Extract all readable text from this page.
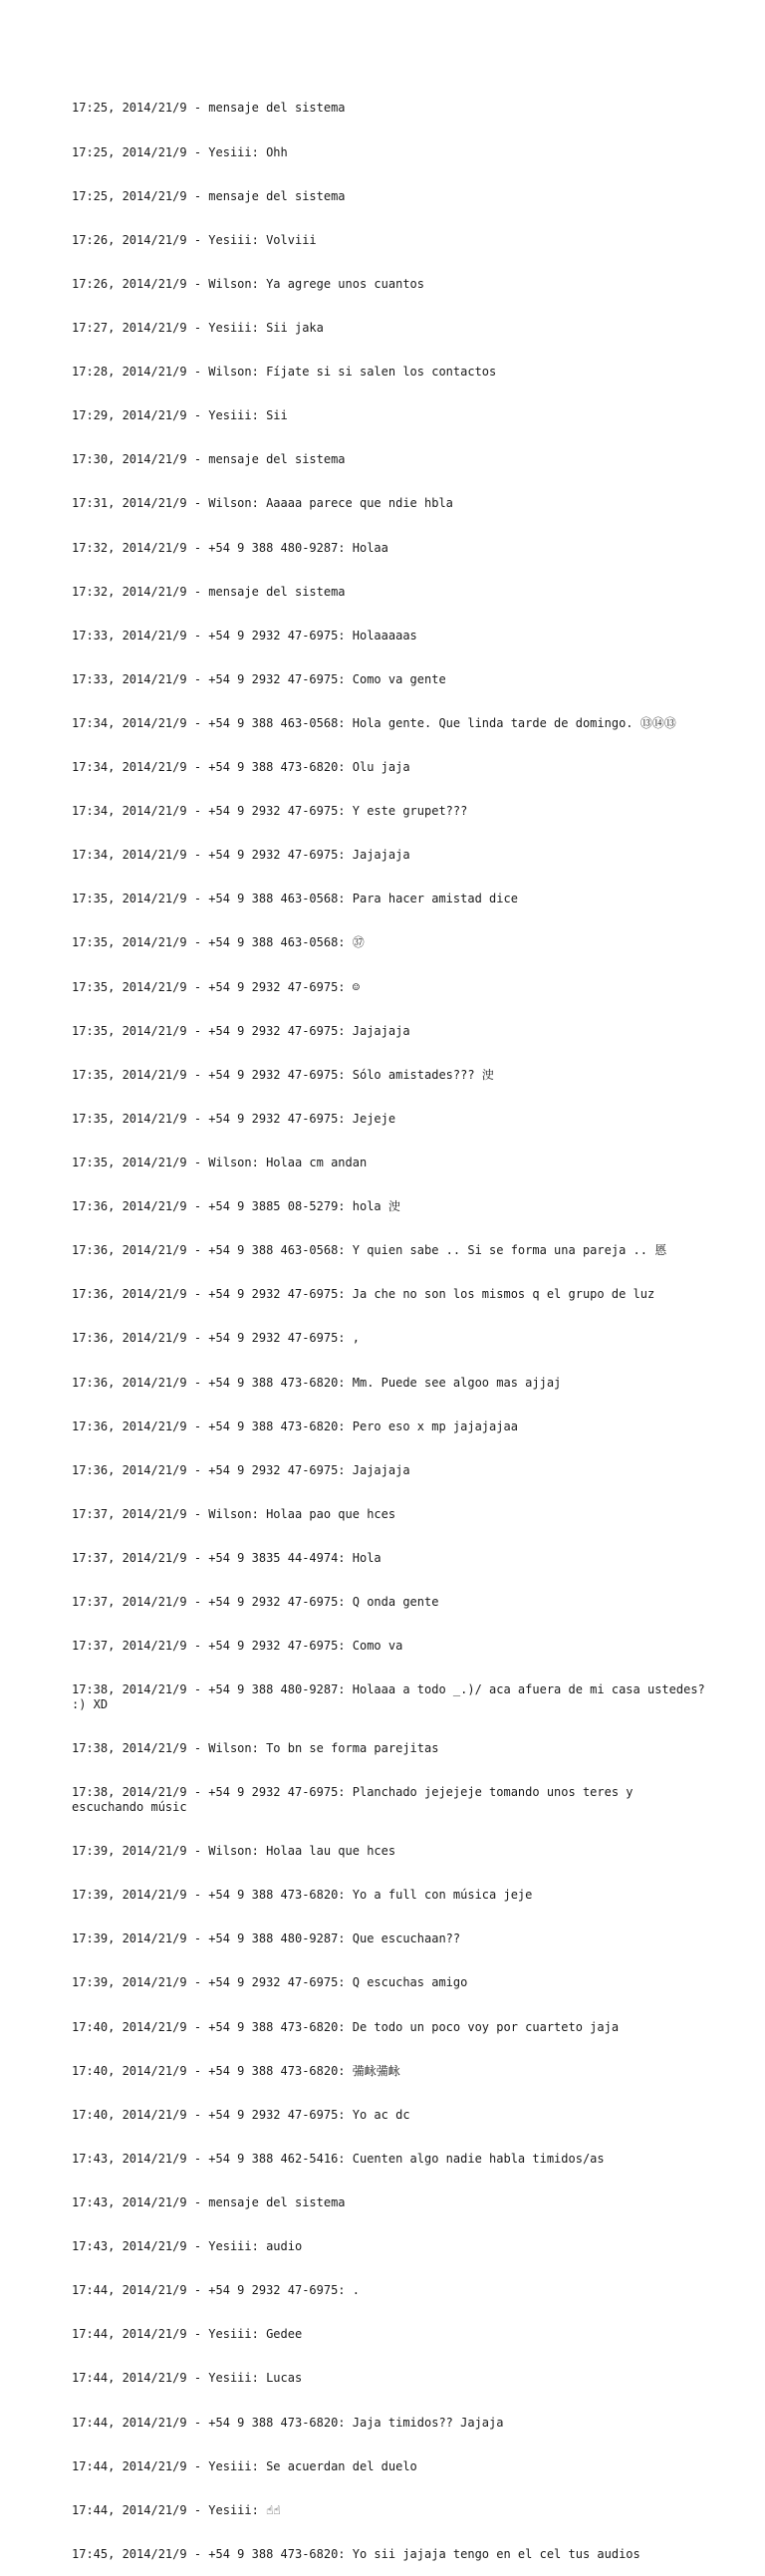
17:25, 2014/21/9 - mensaje del sistema

17:25, 2014/21/9 - Yesiii: Ohh

17:25, 2014/21/9 - mensaje del sistema

17:26, 2014/21/9 - Yesiii: Volviii

17:26, 2014/21/9 - Wilson: Ya agrege unos cuantos

17:27, 2014/21/9 - Yesiii: Sii jaka

17:28, 2014/21/9 - Wilson: Fíjate si si salen los contactos

17:29, 2014/21/9 - Yesiii: Sii

17:30, 2014/21/9 - mensaje del sistema

17:31, 2014/21/9 - Wilson: Aaaaa parece que ndie hbla

17:32, 2014/21/9 - +54 9 388 480-9287: Holaa

17:32, 2014/21/9 - mensaje del sistema

17:33, 2014/21/9 - +54 9 2932 47-6975: Holaaaaas

17:33, 2014/21/9 - +54 9 2932 47-6975: Como va gente

17:34, 2014/21/9 - +54 9 388 463-0568: Hola gente. Que linda tarde de domingo. ⑬⑭⑬

17:34, 2014/21/9 - +54 9 388 473-6820: Olu jaja

17:34, 2014/21/9 - +54 9 2932 47-6975: Y este grupet???

17:34, 2014/21/9 - +54 9 2932 47-6975: Jajajaja

17:35, 2014/21/9 - +54 9 388 463-0568: Para hacer amistad dice

17:35, 2014/21/9 - +54 9 388 463-0568: ㊲

17:35, 2014/21/9 - +54 9 2932 47-6975: ☺

17:35, 2014/21/9 - +54 9 2932 47-6975: Jajajaja

17:35, 2014/21/9 - +54 9 2932 47-6975: Sólo amistades??? 㳏

17:35, 2014/21/9 - +54 9 2932 47-6975: Jejeje

17:35, 2014/21/9 - Wilson: Holaa cm andan

17:36, 2014/21/9 - +54 9 3885 08-5279: hola 㳏

17:36, 2014/21/9 - +54 9 388 463-0568: Y quien sabe .. Si se forma una pareja .. 㥦

17:36, 2014/21/9 - +54 9 2932 47-6975: Ja che no son los mismos q el grupo de luz

17:36, 2014/21/9 - +54 9 2932 47-6975: ,

17:36, 2014/21/9 - +54 9 388 473-6820: Mm. Puede see algoo mas ajjaj

17:36, 2014/21/9 - +54 9 388 473-6820: Pero eso x mp jajajajaa

17:36, 2014/21/9 - +54 9 2932 47-6975: Jajajaja

17:37, 2014/21/9 - Wilson: Holaa pao que hces

17:37, 2014/21/9 - +54 9 3835 44-4974: Hola

17:37, 2014/21/9 - +54 9 2932 47-6975: Q onda gente

17:37, 2014/21/9 - +54 9 2932 47-6975: Como va

17:38, 2014/21/9 - +54 9 388 480-9287: Holaaa a todo _.)/ aca afuera de mi casa ustedes? :) XD

17:38, 2014/21/9 - Wilson: To bn se forma parejitas

17:38, 2014/21/9 - +54 9 2932 47-6975: Planchado jejejeje tomando unos teres y escuchando músic

17:39, 2014/21/9 - Wilson: Holaa lau que hces

17:39, 2014/21/9 - +54 9 388 473-6820: Yo a full con música jeje

17:39, 2014/21/9 - +54 9 388 480-9287: Que escuchaan??

17:39, 2014/21/9 - +54 9 2932 47-6975: Q escuchas amigo

17:40, 2014/21/9 - +54 9 388 473-6820: De todo un poco voy por cuarteto jaja

17:40, 2014/21/9 - +54 9 388 473-6820: 㣁䘑㣁䘑

17:40, 2014/21/9 - +54 9 2932 47-6975: Yo ac dc

17:43, 2014/21/9 - +54 9 388 462-5416: Cuenten algo nadie habla timidos/as

17:43, 2014/21/9 - mensaje del sistema

17:43, 2014/21/9 - Yesiii: audio

17:44, 2014/21/9 - +54 9 2932 47-6975: .

17:44, 2014/21/9 - Yesiii: Gedee

17:44, 2014/21/9 - Yesiii: Lucas

17:44, 2014/21/9 - +54 9 388 473-6820: Jaja timidos?? Jajaja

17:44, 2014/21/9 - Yesiii: Se acuerdan del duelo

17:44, 2014/21/9 - Yesiii: ☝☝

17:45, 2014/21/9 - +54 9 388 473-6820: Yo sii jajaja tengo en el cel tus audios
